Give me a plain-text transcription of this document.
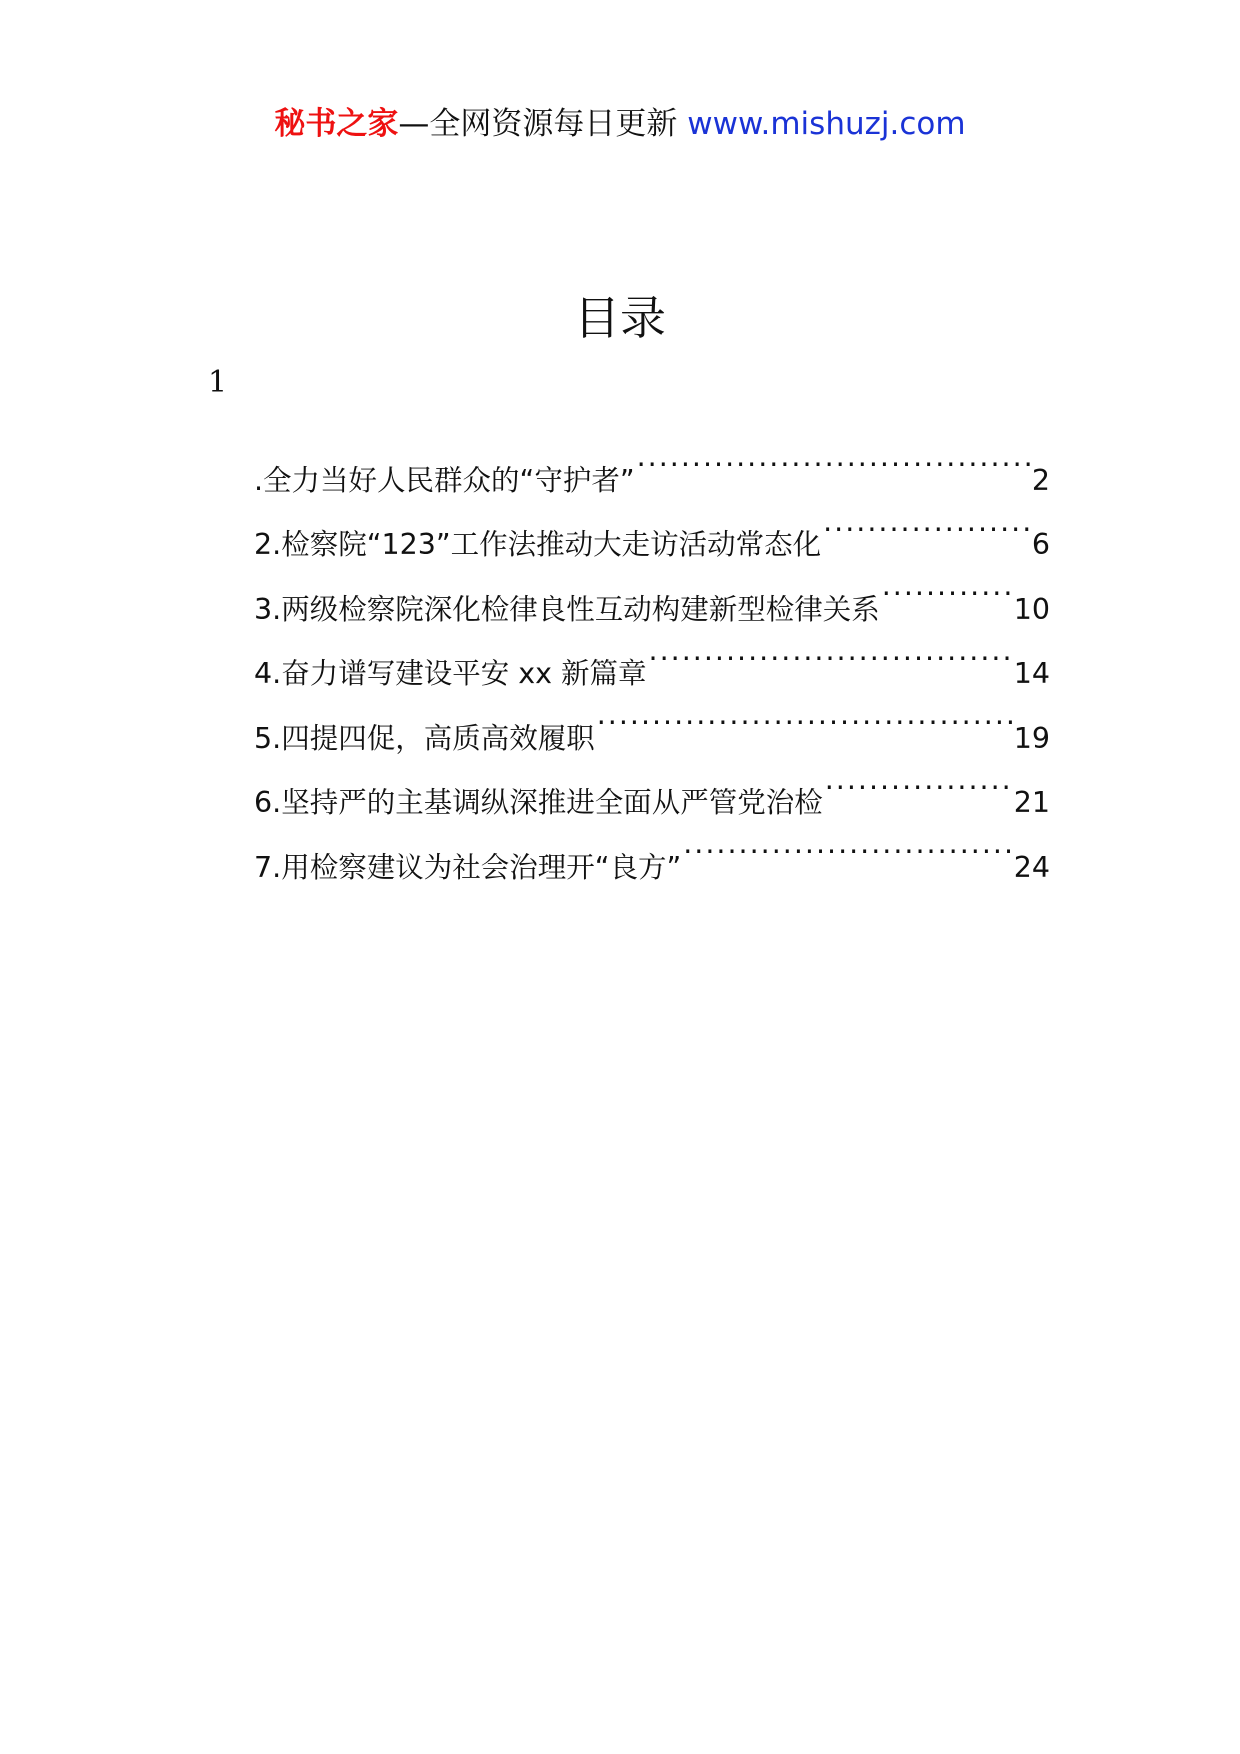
秘书之家—全网资源每日更新 www.mishuzj.com
目录
1
.全力当好人民群众的“守护者” .....	2
2.检察院“123”工作法推动大走访活动常态化 .....	6
3.两级检察院深化检律良性互动构建新型检律关系 .....	10
4.奋力谱写建设平安 xx 新篇章 .....	14
5.四提四促，高质高效履职 .....	19
6.坚持严的主基调纵深推进全面从严管党治检 .....	21
7.用检察建议为社会治理开“良方” .....	24
